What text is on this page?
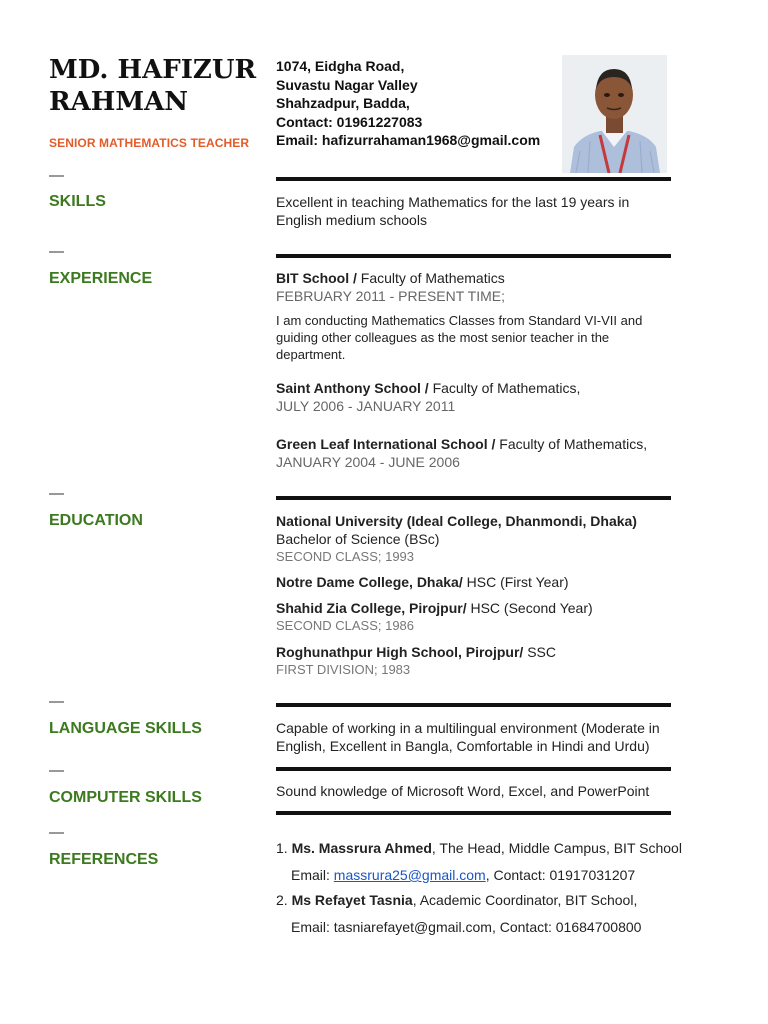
MD. HAFIZUR
RAHMAN
SENIOR MATHEMATICS TEACHER
1074, Eidgha Road,
Suvastu Nagar Valley
Shahzadpur, Badda,
Contact: 01961227083
Email: hafizurrahaman1968@gmail.com
—
SKILLS	Excellent in teaching Mathematics for the last 19 years in
English medium schools
—
EXPERIENCE	BIT School / Faculty of Mathematics
FEBRUARY 2011 - PRESENT TIME;
I am conducting Mathematics Classes from Standard VI-VII and
guiding other colleagues as the most senior teacher in the
department.
Saint Anthony School / Faculty of Mathematics,
JULY 2006 - JANUARY 2011
Green Leaf International School / Faculty of Mathematics,
JANUARY 2004 - JUNE 2006
—
EDUCATION	National University (Ideal College, Dhanmondi, Dhaka)
Bachelor of Science (BSc)
SECOND CLASS; 1993
Notre Dame College, Dhaka/ HSC (First Year)
Shahid Zia College, Pirojpur/ HSC (Second Year)
SECOND CLASS; 1986
Roghunathpur High School, Pirojpur/ SSC
FIRST DIVISION; 1983
—
LANGUAGE SKILLS	Capable of working in a multilingual environment (Moderate in
English, Excellent in Bangla, Comfortable in Hindi and Urdu)
—
COMPUTER SKILLS	Sound knowledge of Microsoft Word, Excel, and PowerPoint
—
REFERENCES
1. Ms. Massrura Ahmed, The Head, Middle Campus, BIT School
Email: massrura25@gmail.com, Contact: 01917031207
2. Ms Refayet Tasnia, Academic Coordinator, BIT School,
Email: tasniarefayet@gmail.com, Contact: 01684700800
